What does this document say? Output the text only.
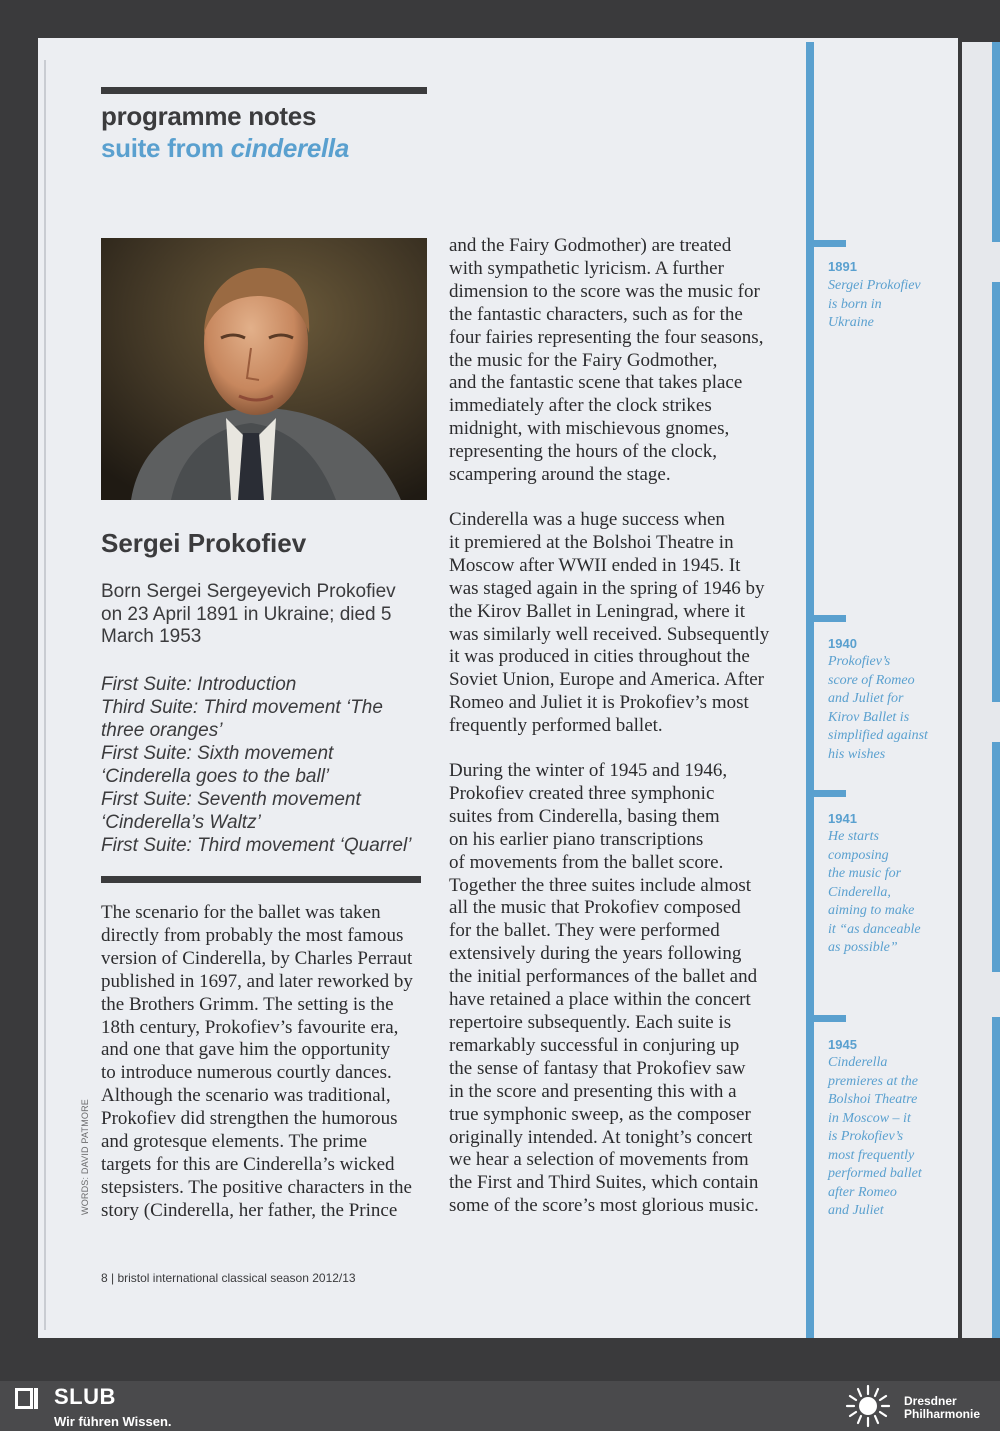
programme notes
suite from cinderella
Sergei Prokofiev
Born Sergei Sergeyevich Prokofiev
on 23 April 1891 in Ukraine; died 5
March 1953
First Suite: Introduction
Third Suite: Third movement ‘The
three oranges’
First Suite: Sixth movement
‘Cinderella goes to the ball’
First Suite: Seventh movement
‘Cinderella’s Waltz’
First Suite: Third movement ‘Quarrel’
The scenario for the ballet was taken
directly from probably the most famous
version of Cinderella, by Charles Perraut
published in 1697, and later reworked by
the Brothers Grimm. The setting is the
18th century, Prokofiev’s favourite era,
and one that gave him the opportunity
to introduce numerous courtly dances.
Although the scenario was traditional,
Prokofiev did strengthen the humorous
and grotesque elements. The prime
targets for this are Cinderella’s wicked
stepsisters. The positive characters in the
story (Cinderella, her father, the Prince
and the Fairy Godmother) are treated
with sympathetic lyricism. A further
dimension to the score was the music for
the fantastic characters, such as for the
four fairies representing the four seasons,
the music for the Fairy Godmother,
and the fantastic scene that takes place
immediately after the clock strikes
midnight, with mischievous gnomes,
representing the hours of the clock,
scampering around the stage.
Cinderella was a huge success when
it premiered at the Bolshoi Theatre in
Moscow after WWII ended in 1945. It
was staged again in the spring of 1946 by
the Kirov Ballet in Leningrad, where it
was similarly well received. Subsequently
it was produced in cities throughout the
Soviet Union, Europe and America. After
Romeo and Juliet it is Prokofiev’s most
frequently performed ballet.
During the winter of 1945 and 1946,
Prokofiev created three symphonic
suites from Cinderella, basing them
on his earlier piano transcriptions
of movements from the ballet score.
Together the three suites include almost
all the music that Prokofiev composed
for the ballet. They were performed
extensively during the years following
the initial performances of the ballet and
have retained a place within the concert
repertoire subsequently. Each suite is
remarkably successful in conjuring up
the sense of fantasy that Prokofiev saw
in the score and presenting this with a
true symphonic sweep, as the composer
originally intended. At tonight’s concert
we hear a selection of movements from
the First and Third Suites, which contain
some of the score’s most glorious music.
WORDS: DAVID PATMORE
8 | bristol international classical season 2012/13
1891
Sergei Prokofiev
is born in
Ukraine
1940
Prokofiev’s
score of Romeo
and Juliet for
Kirov Ballet is
simplified against
his wishes
1941
He starts
composing
the music for
Cinderella,
aiming to make
it “as danceable
as possible”
1945
Cinderella
premieres at the
Bolshoi Theatre
in Moscow – it
is Prokofiev’s
most frequently
performed ballet
after Romeo
and Juliet
SLUB
Wir führen Wissen.
Dresdner
Philharmonie
